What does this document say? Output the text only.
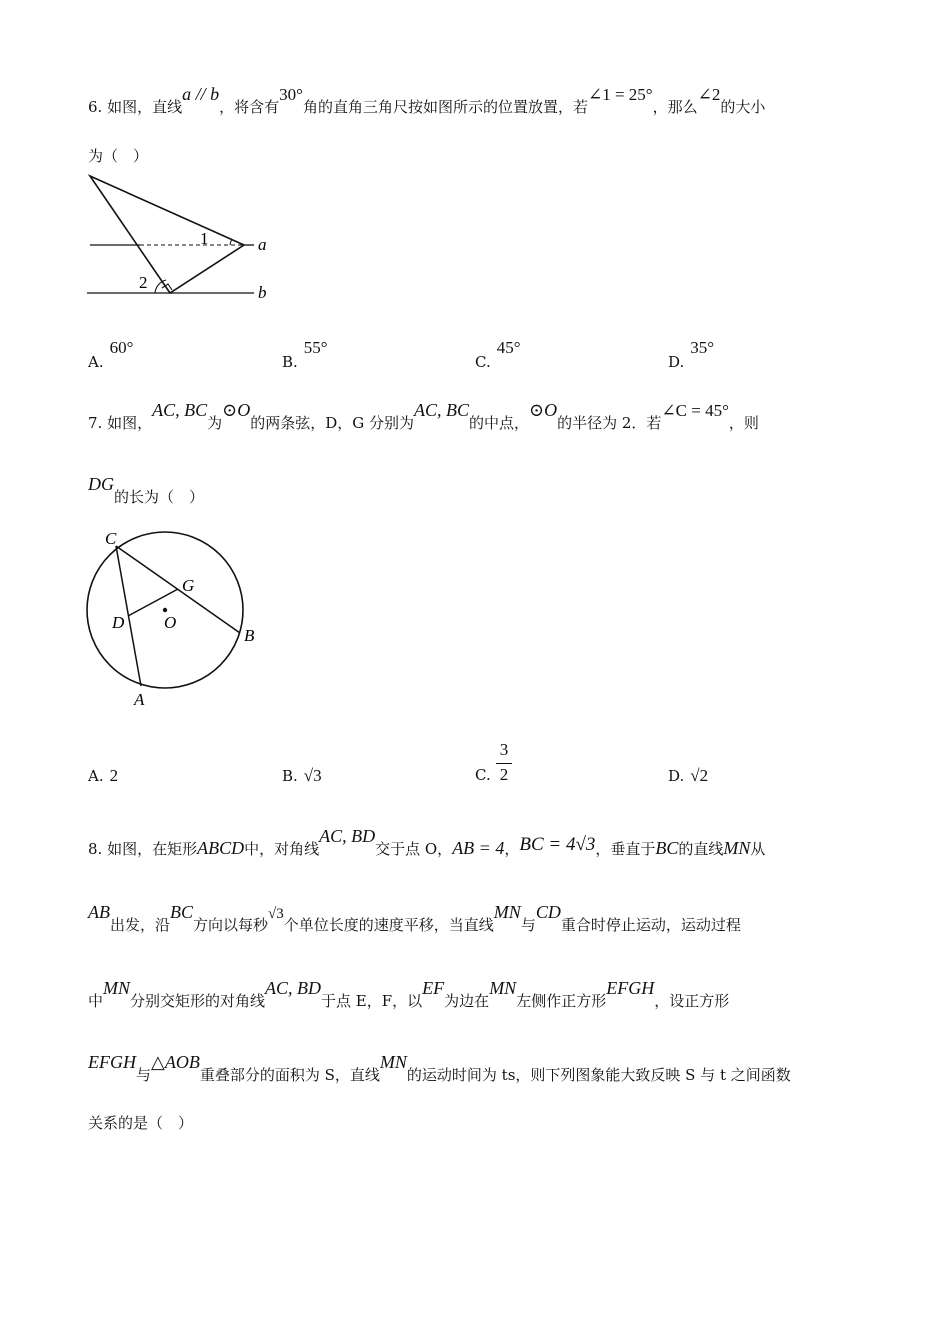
6. 如图，直线a // b，将含有30°角的直角三角尺按如图所示的位置放置，若∠1 = 25°，那么∠2的大小
为（　）
1
2
a
b
A.60°
B.55°
C.45°
D.35°
7. 如图，AC, BC为⊙O的两条弦，D，G 分别为AC, BC的中点，⊙O的半径为 2．若∠C = 45°，则
DG的长为（　）
C
G
D O
B
A
A. 2	B. √3	C.
3
2	D. √2
8. 如图，在矩形ABCD中，对角线AC, BD交于点 O，AB = 4，BC = 4√3，垂直于BC的直线MN从
AB出发，沿BC方向以每秒√3个单位长度的速度平移，当直线MN与CD重合时停止运动，运动过程
中MN分别交矩形的对角线AC, BD于点 E，F，以EF为边在MN左侧作正方形EFGH，设正方形
EFGH与△AOB重叠部分的面积为 S，直线MN的运动时间为 ts，则下列图象能大致反映 S 与 t 之间函数
关系的是（　）
